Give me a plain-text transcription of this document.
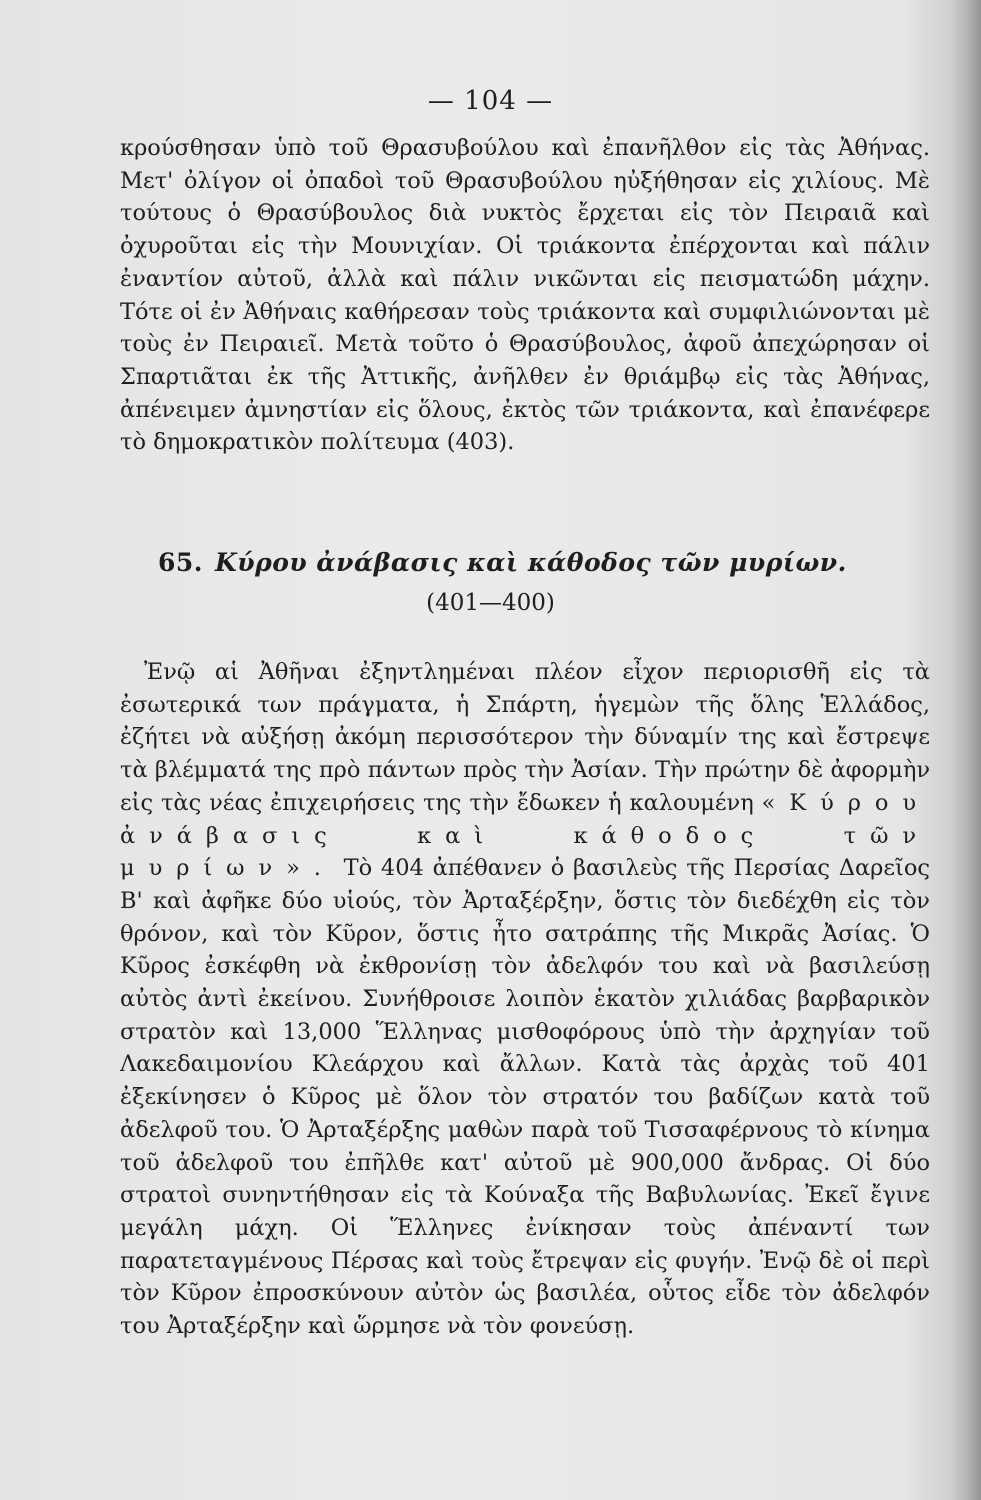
— 104 —

κρούσθησαν ὑπὸ τοῦ Θρασυβούλου καὶ ἐπανῆλθον εἰς τὰς Ἀθήνας. Μετ' ὀλίγον οἱ ὀπαδοὶ τοῦ Θρασυβούλου ηὐξήθησαν εἰς χιλίους. Μὲ τούτους ὁ Θρασύβουλος διὰ νυκτὸς ἔρχεται εἰς τὸν Πειραιᾶ καὶ ὀχυροῦται εἰς τὴν Μουνιχίαν. Οἱ τριάκοντα ἐπέρχονται καὶ πάλιν ἐναντίον αὐτοῦ, ἀλλὰ καὶ πάλιν νικῶνται εἰς πεισματώδη μάχην. Τότε οἱ ἐν Ἀθήναις καθήρεσαν τοὺς τριάκοντα καὶ συμφιλιώνονται μὲ τοὺς ἐν Πειραιεῖ. Μετὰ τοῦτο ὁ Θρασύβουλος, ἀφοῦ ἀπεχώρησαν οἱ Σπαρτιᾶται ἐκ τῆς Ἀττικῆς, ἀνῆλθεν ἐν θριάμβῳ εἰς τὰς Ἀθήνας, ἀπένειμεν ἀμνηστίαν εἰς ὅλους, ἐκτὸς τῶν τριάκοντα, καὶ ἐπανέφερε τὸ δημοκρατικὸν πολίτευμα (403).

65. Κύρου ἀνάβασις καὶ κάθοδος τῶν μυρίων.
(401—400)

Ἐνῷ αἱ Ἀθῆναι ἐξηντλημέναι πλέον εἶχον περιορισθῆ εἰς τὰ ἐσωτερικά των πράγματα, ἡ Σπάρτη, ἡγεμὼν τῆς ὅλης Ἑλλάδος, ἐζήτει νὰ αὐξήσῃ ἀκόμη περισσότερον τὴν δύναμίν της καὶ ἔστρεψε τὰ βλέμματά της πρὸ πάντων πρὸς τὴν Ἀσίαν. Τὴν πρώτην δὲ ἀφορμὴν εἰς τὰς νέας ἐπιχειρήσεις της τὴν ἔδωκεν ἡ καλουμένη «Κύρου ἀνάβασις καὶ κάθοδος τῶν μυρίων». Τὸ 404 ἀπέθανεν ὁ βασιλεὺς τῆς Περσίας Δαρεῖος Β' καὶ ἀφῆκε δύο υἱούς, τὸν Ἀρταξέρξην, ὅστις τὸν διεδέχθη εἰς τὸν θρόνον, καὶ τὸν Κῦρον, ὅστις ἦτο σατράπης τῆς Μικρᾶς Ἀσίας. Ὁ Κῦρος ἐσκέφθη νὰ ἐκθρονίσῃ τὸν ἀδελφόν του καὶ νὰ βασιλεύσῃ αὐτὸς ἀντὶ ἐκείνου. Συνήθροισε λοιπὸν ἑκατὸν χιλιάδας βαρβαρικὸν στρατὸν καὶ 13,000 Ἕλληνας μισθοφόρους ὑπὸ τὴν ἀρχηγίαν τοῦ Λακεδαιμονίου Κλεάρχου καὶ ἄλλων. Κατὰ τὰς ἀρχὰς τοῦ 401 ἐξεκίνησεν ὁ Κῦρος μὲ ὅλον τὸν στρατόν του βαδίζων κατὰ τοῦ ἀδελφοῦ του. Ὁ Ἀρταξέρξης μαθὼν παρὰ τοῦ Τισσαφέρνους τὸ κίνημα τοῦ ἀδελφοῦ του ἐπῆλθε κατ' αὐτοῦ μὲ 900,000 ἄνδρας. Οἱ δύο στρατοὶ συνηντήθησαν εἰς τὰ Κούναξα τῆς Βαβυλωνίας. Ἐκεῖ ἔγινε μεγάλη μάχη. Οἱ Ἕλληνες ἐνίκησαν τοὺς ἀπέναντί των παρατεταγμένους Πέρσας καὶ τοὺς ἔτρεψαν εἰς φυγήν. Ἐνῷ δὲ οἱ περὶ τὸν Κῦρον ἐπροσκύνουν αὐτὸν ὡς βασιλέα, οὗτος εἶδε τὸν ἀδελφόν του Ἀρταξέρξην καὶ ὥρμησε νὰ τὸν φονεύσῃ.
